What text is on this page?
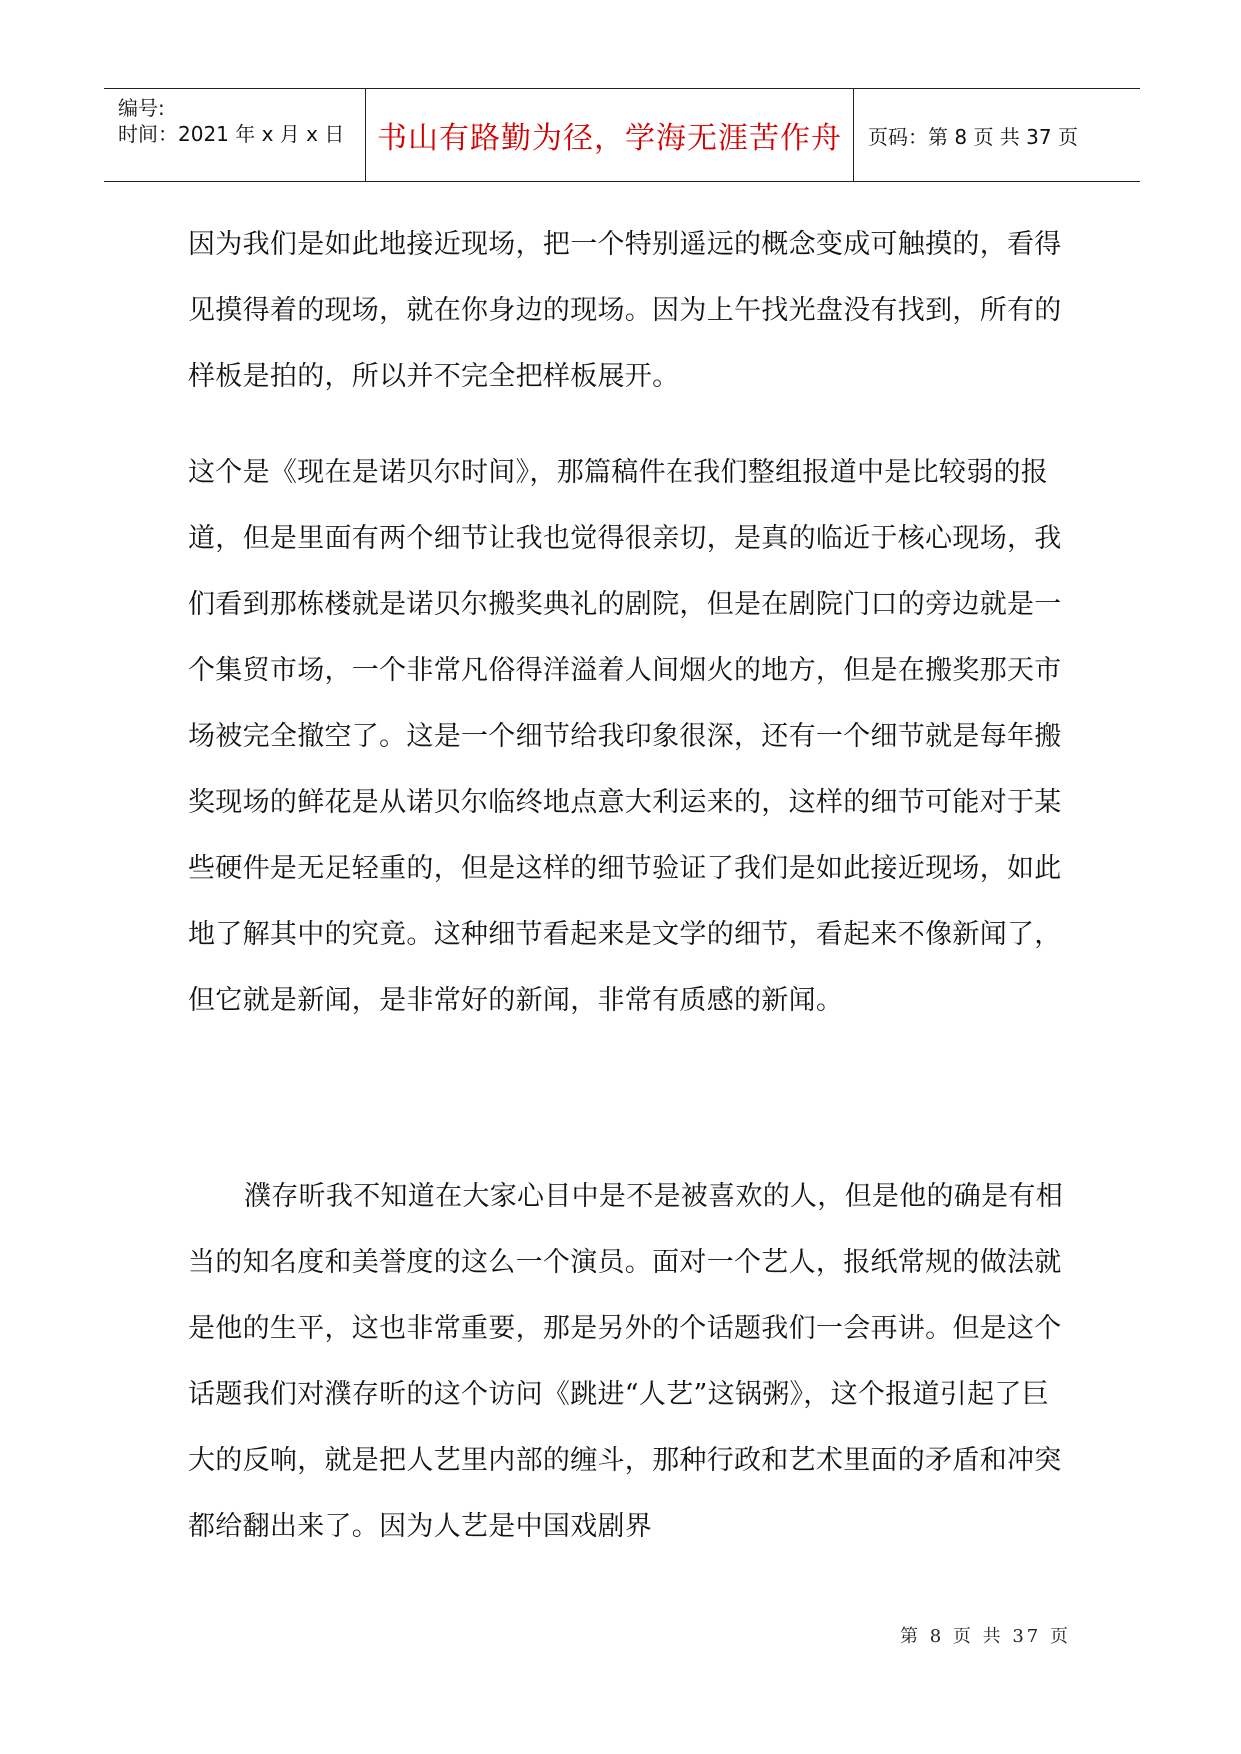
编号:
时间：2021 年 x 月 x 日	书山有路勤为径，学海无涯苦作舟	页码：第 8 页 共 37 页

因为我们是如此地接近现场，把一个特别遥远的概念变成可触摸的，看得见摸得着的现场，就在你身边的现场。因为上午找光盘没有找到，所有的样板是拍的，所以并不完全把样板展开。

这个是《现在是诺贝尔时间》，那篇稿件在我们整组报道中是比较弱的报道，但是里面有两个细节让我也觉得很亲切，是真的临近于核心现场，我们看到那栋楼就是诺贝尔搬奖典礼的剧院，但是在剧院门口的旁边就是一个集贸市场，一个非常凡俗得洋溢着人间烟火的地方，但是在搬奖那天市场被完全撤空了。这是一个细节给我印象很深，还有一个细节就是每年搬奖现场的鲜花是从诺贝尔临终地点意大利运来的，这样的细节可能对于某些硬件是无足轻重的，但是这样的细节验证了我们是如此接近现场，如此地了解其中的究竟。这种细节看起来是文学的细节，看起来不像新闻了，但它就是新闻，是非常好的新闻，非常有质感的新闻。

濮存昕我不知道在大家心目中是不是被喜欢的人，但是他的确是有相当的知名度和美誉度的这么一个演员。面对一个艺人，报纸常规的做法就是他的生平，这也非常重要，那是另外的个话题我们一会再讲。但是这个话题我们对濮存昕的这个访问《跳进“人艺”这锅粥》，这个报道引起了巨大的反响，就是把人艺里内部的缠斗，那种行政和艺术里面的矛盾和冲突都给翻出来了。因为人艺是中国戏剧界

第 8 页 共 37 页
